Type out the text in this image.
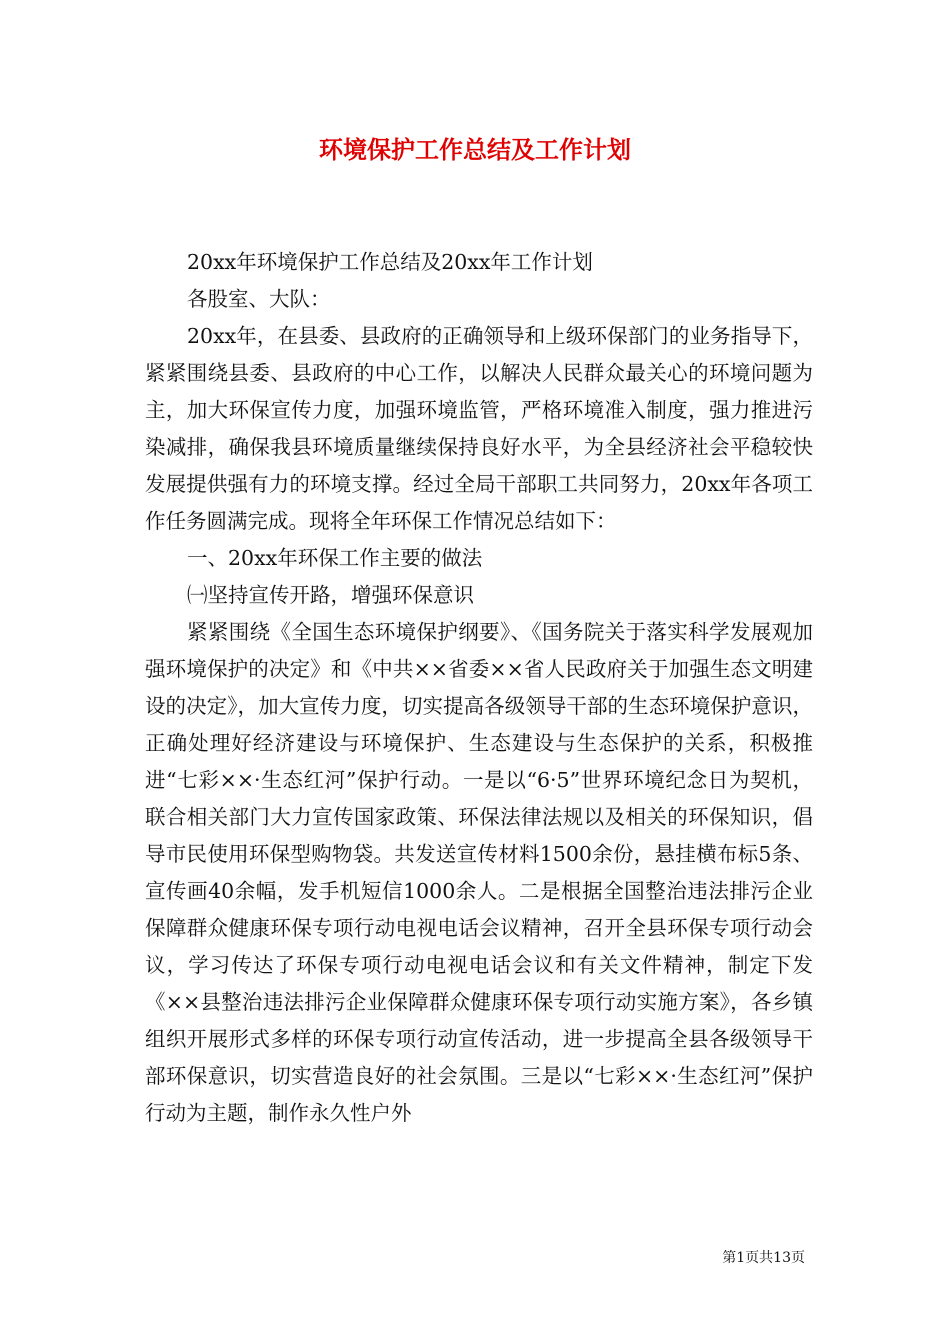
环境保护工作总结及工作计划

20xx年环境保护工作总结及20xx年工作计划

各股室、大队：

20xx年，在县委、县政府的正确领导和上级环保部门的业务指导下，紧紧围绕县委、县政府的中心工作，以解决人民群众最关心的环境问题为主，加大环保宣传力度，加强环境监管，严格环境准入制度，强力推进污染减排，确保我县环境质量继续保持良好水平，为全县经济社会平稳较快发展提供强有力的环境支撑。经过全局干部职工共同努力，20xx年各项工作任务圆满完成。现将全年环保工作情况总结如下：

一、20xx年环保工作主要的做法

㈠坚持宣传开路，增强环保意识

紧紧围绕《全国生态环境保护纲要》、《国务院关于落实科学发展观加强环境保护的决定》和《中共××省委××省人民政府关于加强生态文明建设的决定》，加大宣传力度，切实提高各级领导干部的生态环境保护意识，正确处理好经济建设与环境保护、生态建设与生态保护的关系，积极推进“七彩××·生态红河”保护行动。一是以“6·5”世界环境纪念日为契机，联合相关部门大力宣传国家政策、环保法律法规以及相关的环保知识，倡导市民使用环保型购物袋。共发送宣传材料1500余份，悬挂横布标5条、宣传画40余幅，发手机短信1000余人。二是根据全国整治违法排污企业保障群众健康环保专项行动电视电话会议精神，召开全县环保专项行动会议，学习传达了环保专项行动电视电话会议和有关文件精神，制定下发《××县整治违法排污企业保障群众健康环保专项行动实施方案》，各乡镇组织开展形式多样的环保专项行动宣传活动，进一步提高全县各级领导干部环保意识，切实营造良好的社会氛围。三是以“七彩××·生态红河”保护行动为主题，制作永久性户外

第1页共13页
